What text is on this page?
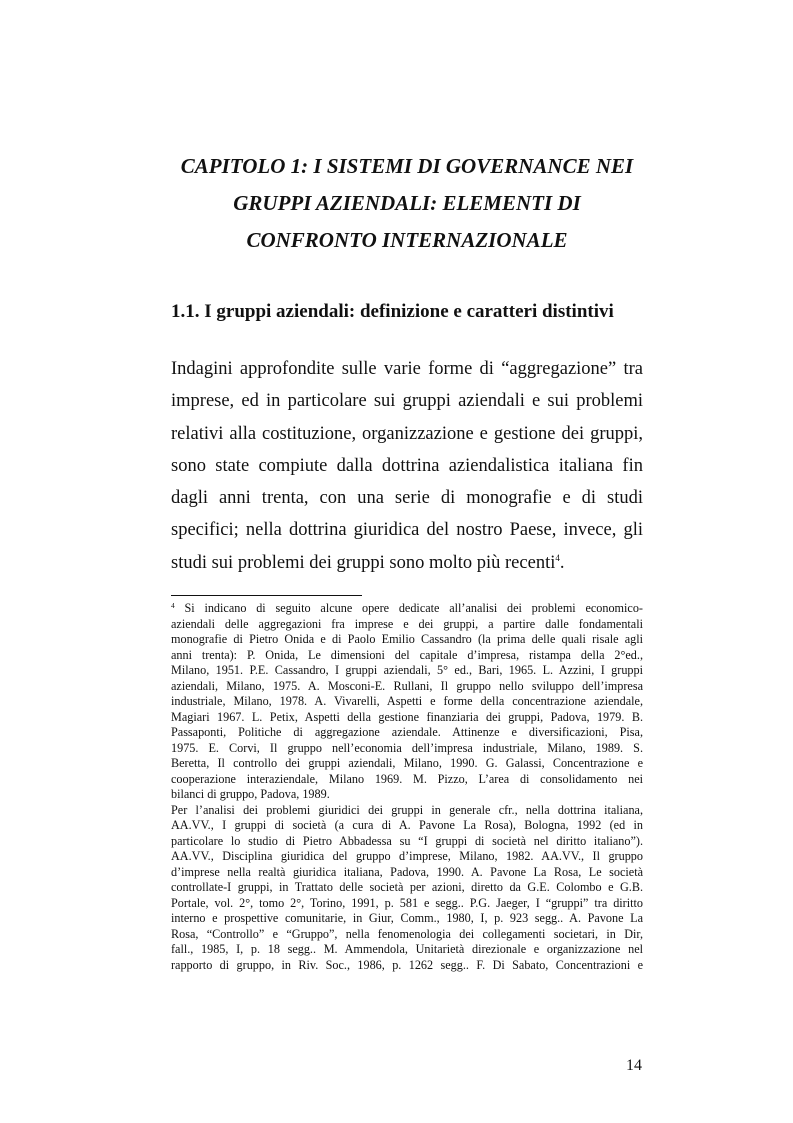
CAPITOLO 1: I SISTEMI DI GOVERNANCE NEI
GRUPPI AZIENDALI: ELEMENTI DI
CONFRONTO INTERNAZIONALE
1.1. I gruppi aziendali: definizione e caratteri distintivi
Indagini approfondite sulle varie forme di “aggregazione” tra
imprese, ed in particolare sui gruppi aziendali e sui problemi
relativi alla costituzione, organizzazione e gestione dei gruppi,
sono state compiute dalla dottrina aziendalistica italiana fin
dagli anni trenta, con una serie di monografie e di studi
specifici; nella dottrina giuridica del nostro Paese, invece, gli
studi sui problemi dei gruppi sono molto più recenti$^4$.
$^4$ Si indicano di seguito alcune opere dedicate all’analisi dei problemi economico-
aziendali delle aggregazioni fra imprese e dei gruppi, a partire dalle fondamentali
monografie di Pietro Onida e di Paolo Emilio Cassandro (la prima delle quali risale agli
anni trenta): P. Onida, Le dimensioni del capitale d’impresa, ristampa della 2°ed.,
Milano, 1951. P.E. Cassandro, I gruppi aziendali, 5° ed., Bari, 1965. L. Azzini, I gruppi
aziendali, Milano, 1975. A. Mosconi-E. Rullani, Il gruppo nello sviluppo dell’impresa
industriale, Milano, 1978. A. Vivarelli, Aspetti e forme della concentrazione aziendale,
Magiari 1967. L. Petix, Aspetti della gestione finanziaria dei gruppi, Padova, 1979. B.
Passaponti, Politiche di aggregazione aziendale. Attinenze e diversificazioni, Pisa,
1975. E. Corvi, Il gruppo nell’economia dell’impresa industriale, Milano, 1989. S.
Beretta, Il controllo dei gruppi aziendali, Milano, 1990. G. Galassi, Concentrazione e
cooperazione interaziendale, Milano 1969. M. Pizzo, L’area di consolidamento nei
bilanci di gruppo, Padova, 1989.
Per l’analisi dei problemi giuridici dei gruppi in generale cfr., nella dottrina italiana,
AA.VV., I gruppi di società (a cura di A. Pavone La Rosa), Bologna, 1992 (ed in
particolare lo studio di Pietro Abbadessa su “I gruppi di società nel diritto italiano”).
AA.VV., Disciplina giuridica del gruppo d’imprese, Milano, 1982. AA.VV., Il gruppo
d’imprese nella realtà giuridica italiana, Padova, 1990. A. Pavone La Rosa, Le società
controllate-I gruppi, in Trattato delle società per azioni, diretto da G.E. Colombo e G.B.
Portale, vol. 2°, tomo 2°, Torino, 1991, p. 581 e segg.. P.G. Jaeger, I “gruppi” tra diritto
interno e prospettive comunitarie, in Giur, Comm., 1980, I, p. 923 segg.. A. Pavone La
Rosa, “Controllo” e “Gruppo”, nella fenomenologia dei collegamenti societari, in Dir,
fall., 1985, I, p. 18 segg.. M. Ammendola, Unitarietà direzionale e organizzazione nel
rapporto di gruppo, in Riv. Soc., 1986, p. 1262 segg.. F. Di Sabato, Concentrazioni e
14
